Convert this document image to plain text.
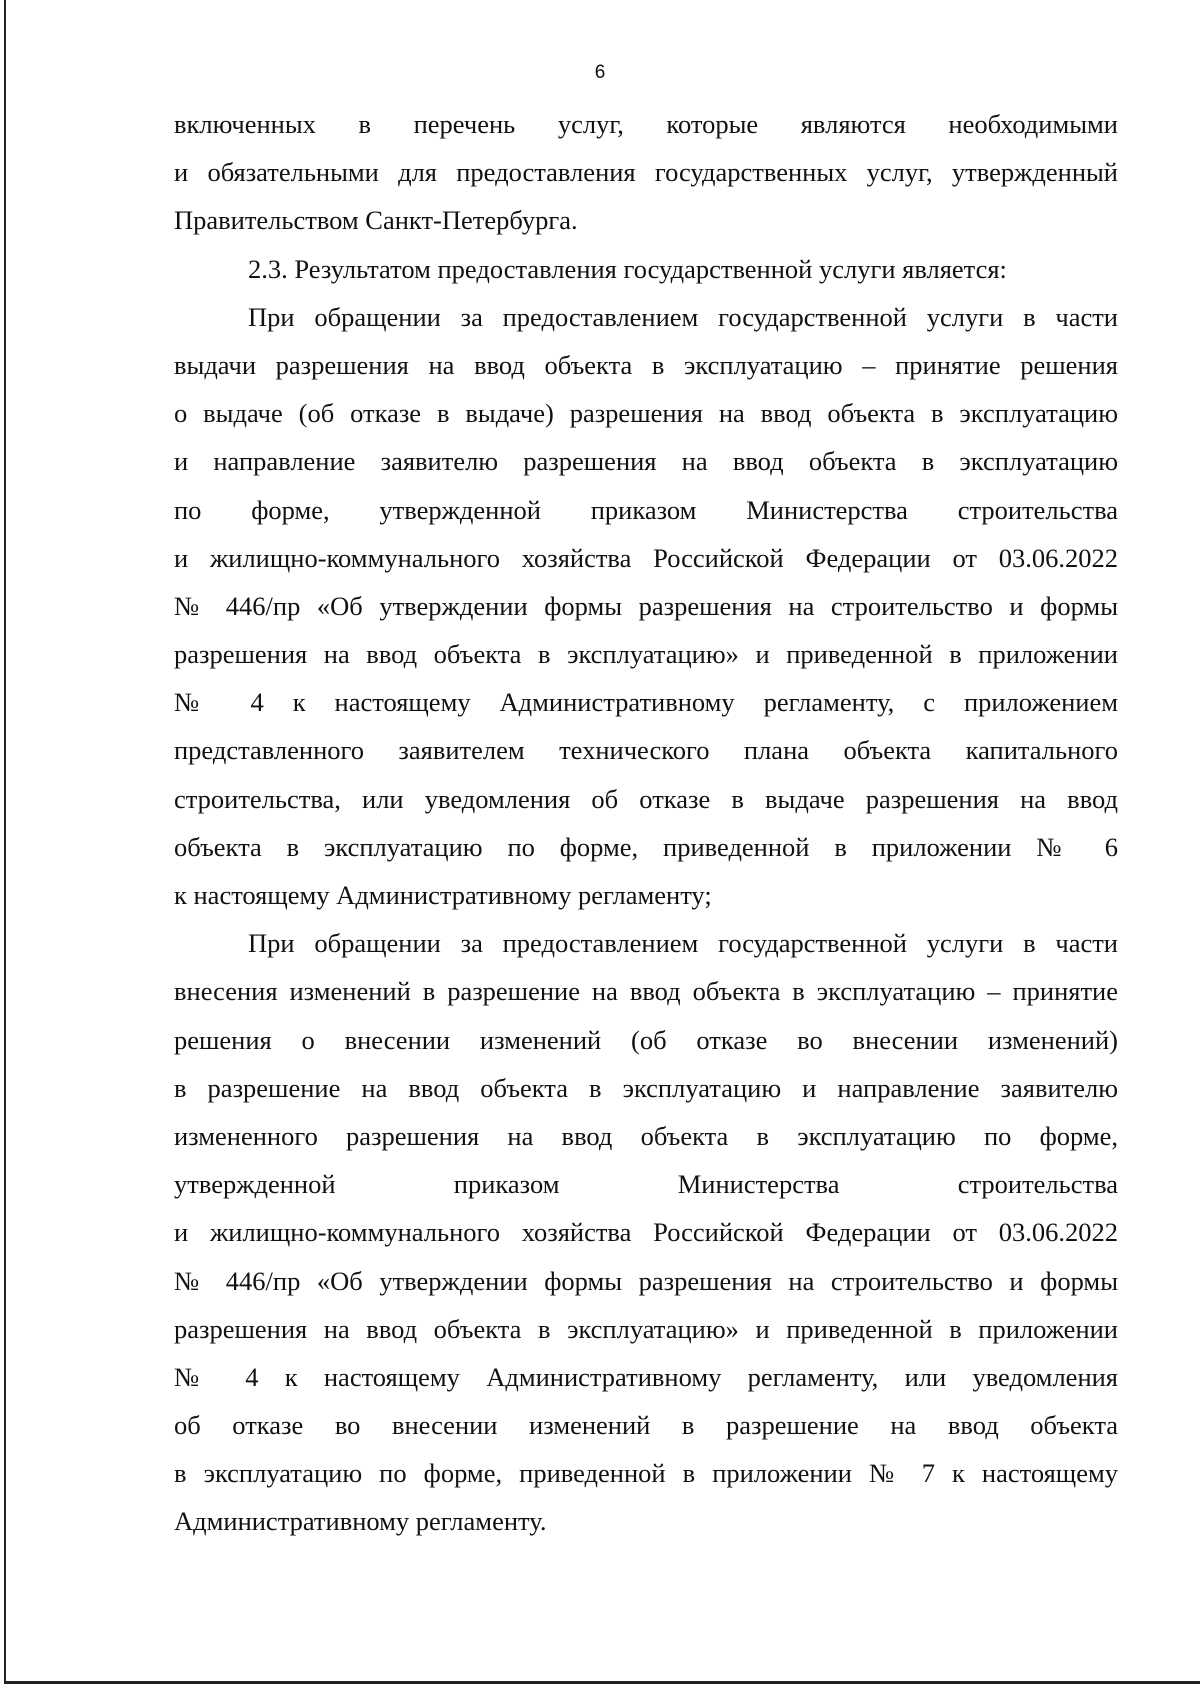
6
включенных в перечень услуг, которые являются необходимыми
и обязательными для предоставления государственных услуг, утвержденный
Правительством Санкт-Петербурга.
2.3. Результатом предоставления государственной услуги является:
При обращении за предоставлением государственной услуги в части
выдачи разрешения на ввод объекта в эксплуатацию – принятие решения
о выдаче (об отказе в выдаче) разрешения на ввод объекта в эксплуатацию
и направление заявителю разрешения на ввод объекта в эксплуатацию
по форме, утвержденной приказом Министерства строительства
и жилищно-коммунального хозяйства Российской Федерации от 03.06.2022
№ 446/пр «Об утверждении формы разрешения на строительство и формы
разрешения на ввод объекта в эксплуатацию» и приведенной в приложении
№ 4 к настоящему Административному регламенту, с приложением
представленного заявителем технического плана объекта капитального
строительства, или уведомления об отказе в выдаче разрешения на ввод
объекта в эксплуатацию по форме, приведенной в приложении № 6
к настоящему Административному регламенту;
При обращении за предоставлением государственной услуги в части
внесения изменений в разрешение на ввод объекта в эксплуатацию – принятие
решения о внесении изменений (об отказе во внесении изменений)
в разрешение на ввод объекта в эксплуатацию и направление заявителю
измененного разрешения на ввод объекта в эксплуатацию по форме,
утвержденной приказом Министерства строительства
и жилищно-коммунального хозяйства Российской Федерации от 03.06.2022
№ 446/пр «Об утверждении формы разрешения на строительство и формы
разрешения на ввод объекта в эксплуатацию» и приведенной в приложении
№ 4 к настоящему Административному регламенту, или уведомления
об отказе во внесении изменений в разрешение на ввод объекта
в эксплуатацию по форме, приведенной в приложении № 7 к настоящему
Административному регламенту.
